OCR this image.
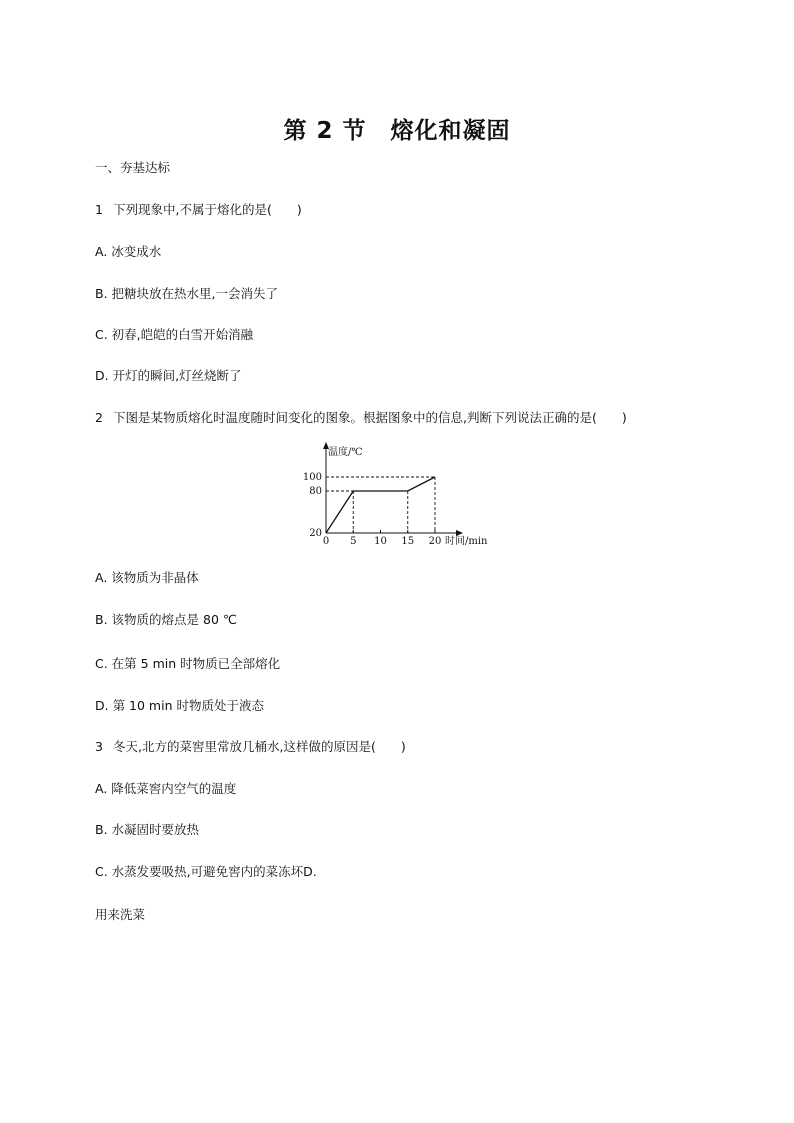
第 2 节　熔化和凝固
一、夯基达标
1 下列现象中,不属于熔化的是(　　)
A. 冰变成水
B. 把糖块放在热水里,一会消失了
C. 初春,皑皑的白雪开始消融
D. 开灯的瞬间,灯丝烧断了
2 下图是某物质熔化时温度随时间变化的图象。根据图象中的信息,判断下列说法正确的是(　　)
温度/℃
时间/min
0 5 10 15 20
20
80
100
A. 该物质为非晶体
B. 该物质的熔点是 80 ℃
C. 在第 5 min 时物质已全部熔化
D. 第 10 min 时物质处于液态
3 冬天,北方的菜窖里常放几桶水,这样做的原因是(　　)
A. 降低菜窖内空气的温度
B. 水凝固时要放热
C. 水蒸发要吸热,可避免窖内的菜冻坏D.
用来洗菜
